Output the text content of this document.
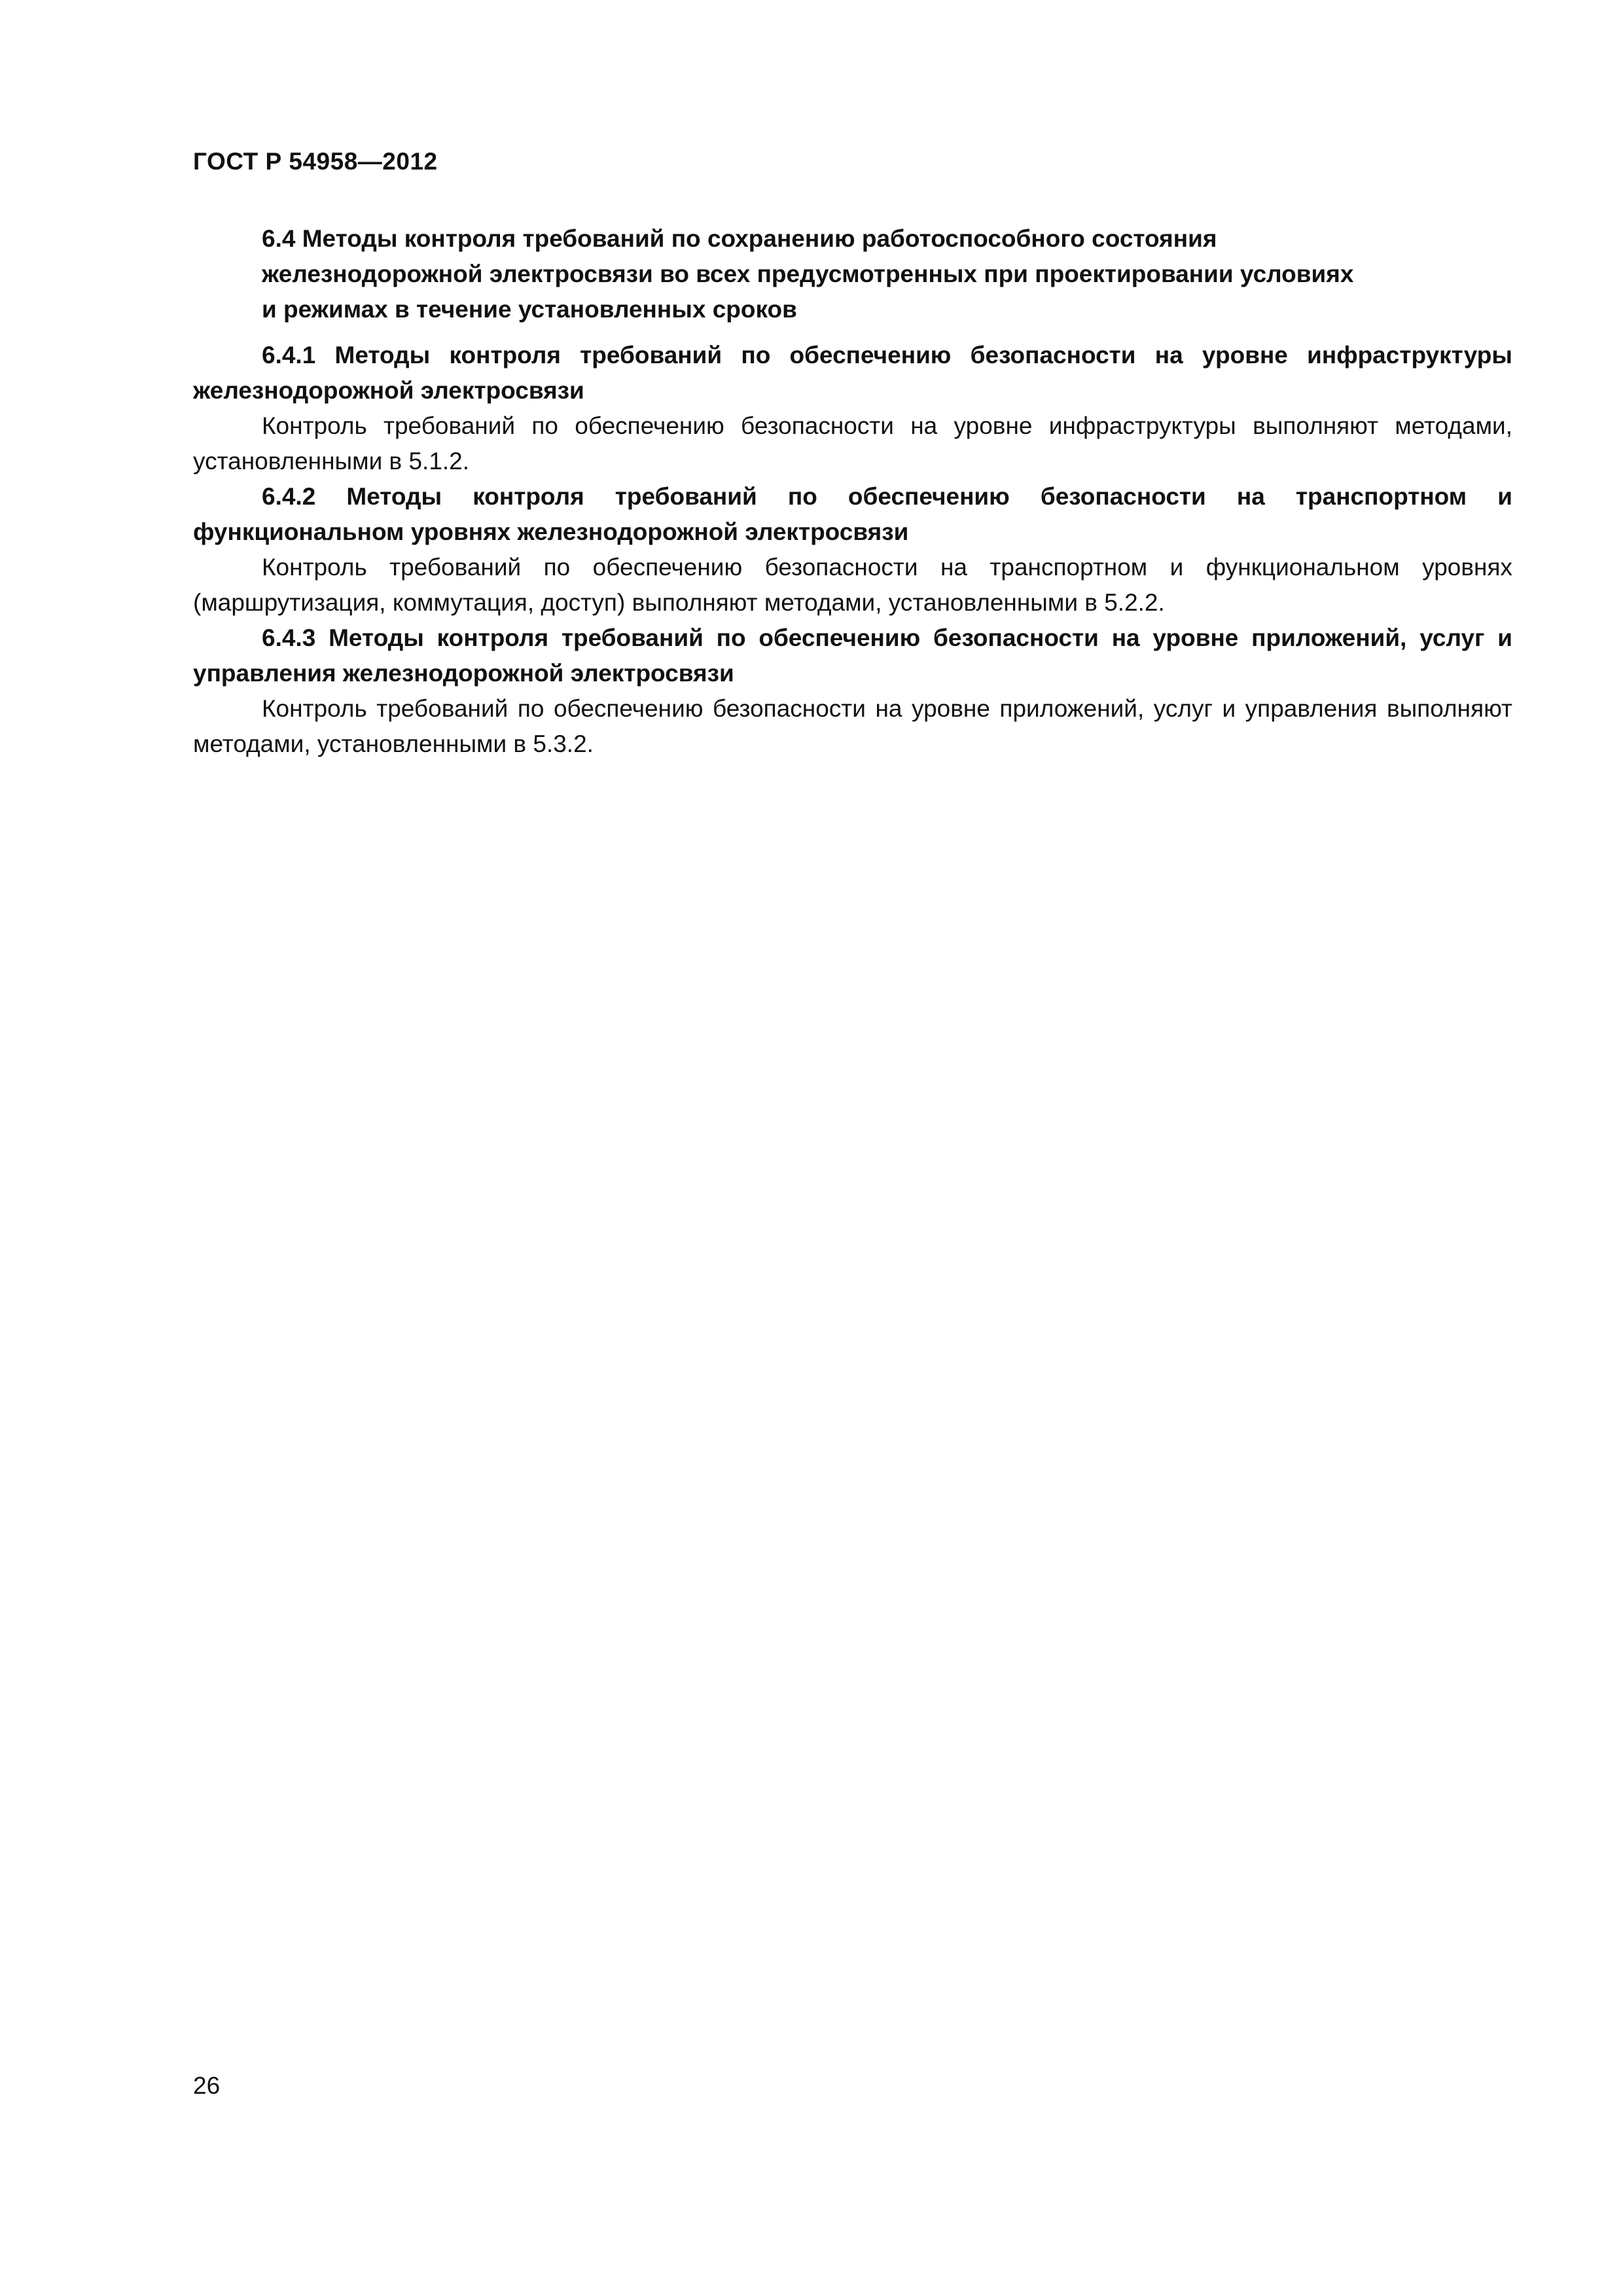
ГОСТ Р 54958—2012
6.4 Методы контроля требований по сохранению работоспособного состояния
железнодорожной электросвязи во всех предусмотренных при проектировании условиях
и режимах в течение установленных сроков
6.4.1 Методы контроля требований по обеспечению безопасности на уровне инфраструктуры железнодорожной электросвязи
Контроль требований по обеспечению безопасности на уровне инфраструктуры выполняют методами, установленными в 5.1.2.
6.4.2 Методы контроля требований по обеспечению безопасности на транспортном и функциональном уровнях железнодорожной электросвязи
Контроль требований по обеспечению безопасности на транспортном и функциональном уровнях (маршрутизация, коммутация, доступ) выполняют методами, установленными в 5.2.2.
6.4.3 Методы контроля требований по обеспечению безопасности на уровне приложений, услуг и управления железнодорожной электросвязи
Контроль требований по обеспечению безопасности на уровне приложений, услуг и управления выполняют методами, установленными в 5.3.2.
26
